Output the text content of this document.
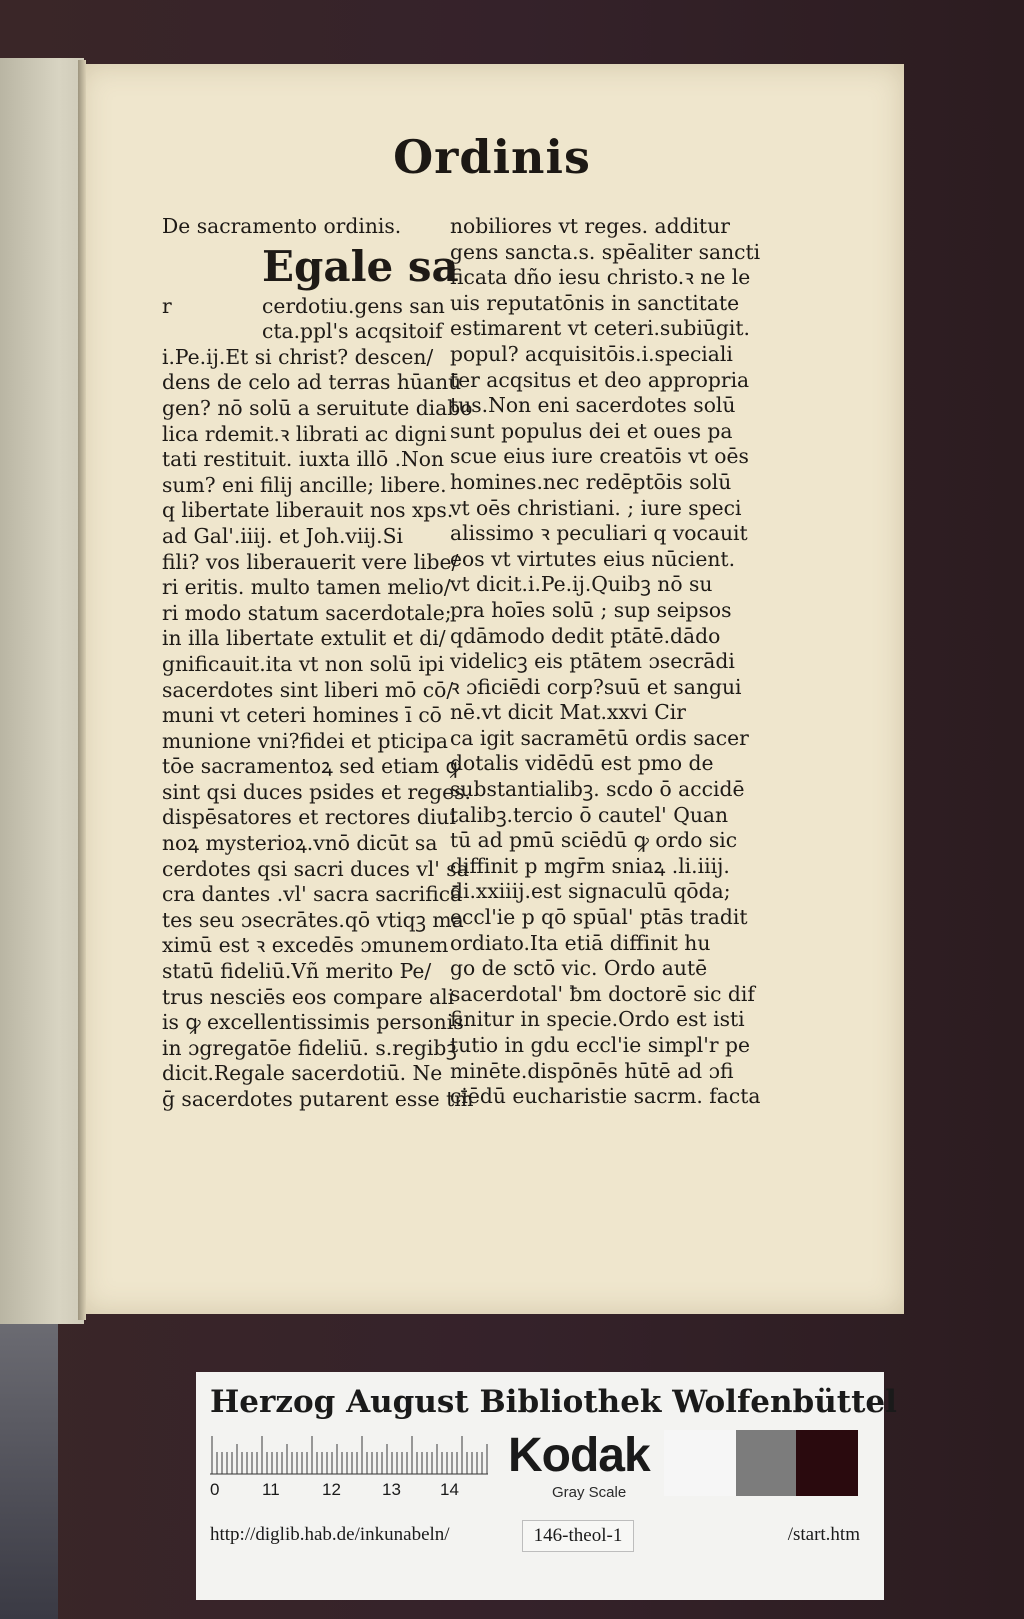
Ordinis
De sacramento ordinis.
Egale sa
r	cerdotiu.gens san
cta.ppl's acqsitoif
i.Pe.ij.Et si christ? descen/
dens de celo ad terras hūanū
gen? nō solū a seruitute diabo
lica rdemit.ꝛ librati ac digni
tati restituit. iuxta illō .Non
sum? eni filij ancille; libere.
q libertate liberauit nos xps.
ad Gal'.iiij. et Joh.viij.Si
fili? vos liberauerit vere libe/
ri eritis. multo tamen melio/
ri modo statum sacerdotale;
in illa libertate extulit et di/
gnificauit.ita vt non solū ipi
sacerdotes sint liberi mō cō/
muni vt ceteri homines ī cō
munione vni?fidei et pticipa
tōe sacramentoꝝ sed etiam ꝙ
sint qsi duces psides et reges.
dispēsatores et rectores diui
noꝝ mysterioꝝ.vnō dicūt sa
cerdotes qsi sacri duces vl' sa
cra dantes .vl' sacra sacrificā
tes seu ɔsecrātes.qō vtiqꝫ ma
ximū est ꝛ excedēs ɔmunem
statū fideliū.Vñ merito Pe/
trus nesciēs eos compare ali
is ꝙ excellentissimis personis
in ɔgregatōe fideliū. s.regibꝫ
dicit.Regale sacerdotiū. Ne
ḡ sacerdotes putarent esse tm̄
nobiliores vt reges. additur
gens sancta.s. spēaliter sancti
ficata dño iesu christo.ꝛ ne le
uis reputatōnis in sanctitate
estimarent vt ceteri.subiūgit.
popul? acquisitōis.i.speciali
ter acqsitus et deo appropria
tus.Non eni sacerdotes solū
sunt populus dei et oues pa
scue eius iure creatōis vt oēs
homines.nec redēptōis solū
vt oēs christiani. ; iure speci
alissimo ꝛ peculiari q vocauit
eos vt virtutes eius nūcient.
vt dicit.i.Pe.ij.Quibꝫ nō su
pra hoīes solū ; sup seipsos
qdāmodo dedit ptātē.dādo
videlicꝫ eis ptātem ɔsecrādi
ꝛ ɔficiēdi corp?suū et sangui
nē.vt dicit Mat.xxvi Cir
ca igit sacramētū ordis sacer
dotalis vidēdū est pmo de
substantialibꝫ. scdo ō accidē
talibꝫ.tercio ō cautel' Quan
tū ad pmū sciēdū ꝙ ordo sic
diffinit p mgr̄m sniaꝝ .li.iiij.
di.xxiiij.est signaculū qōda;
eccl'ie p qō spūal' ptās tradit
ordiato.Ita etiā diffinit hu
go de sctō vic. Ordo autē
sacerdotal' ƀm doctorē sic dif
finitur in specie.Ordo est isti
tutio in gdu eccl'ie simpl'r pe
minēte.dispōnēs hūtē ad ɔfi
ciēdū eucharistie sacrm. facta
Herzog August Bibliothek Wolfenbüttel
0	11 12 13 14
Kodak
Gray Scale
http://diglib.hab.de/inkunabeln/	146-theol-1	/start.htm
